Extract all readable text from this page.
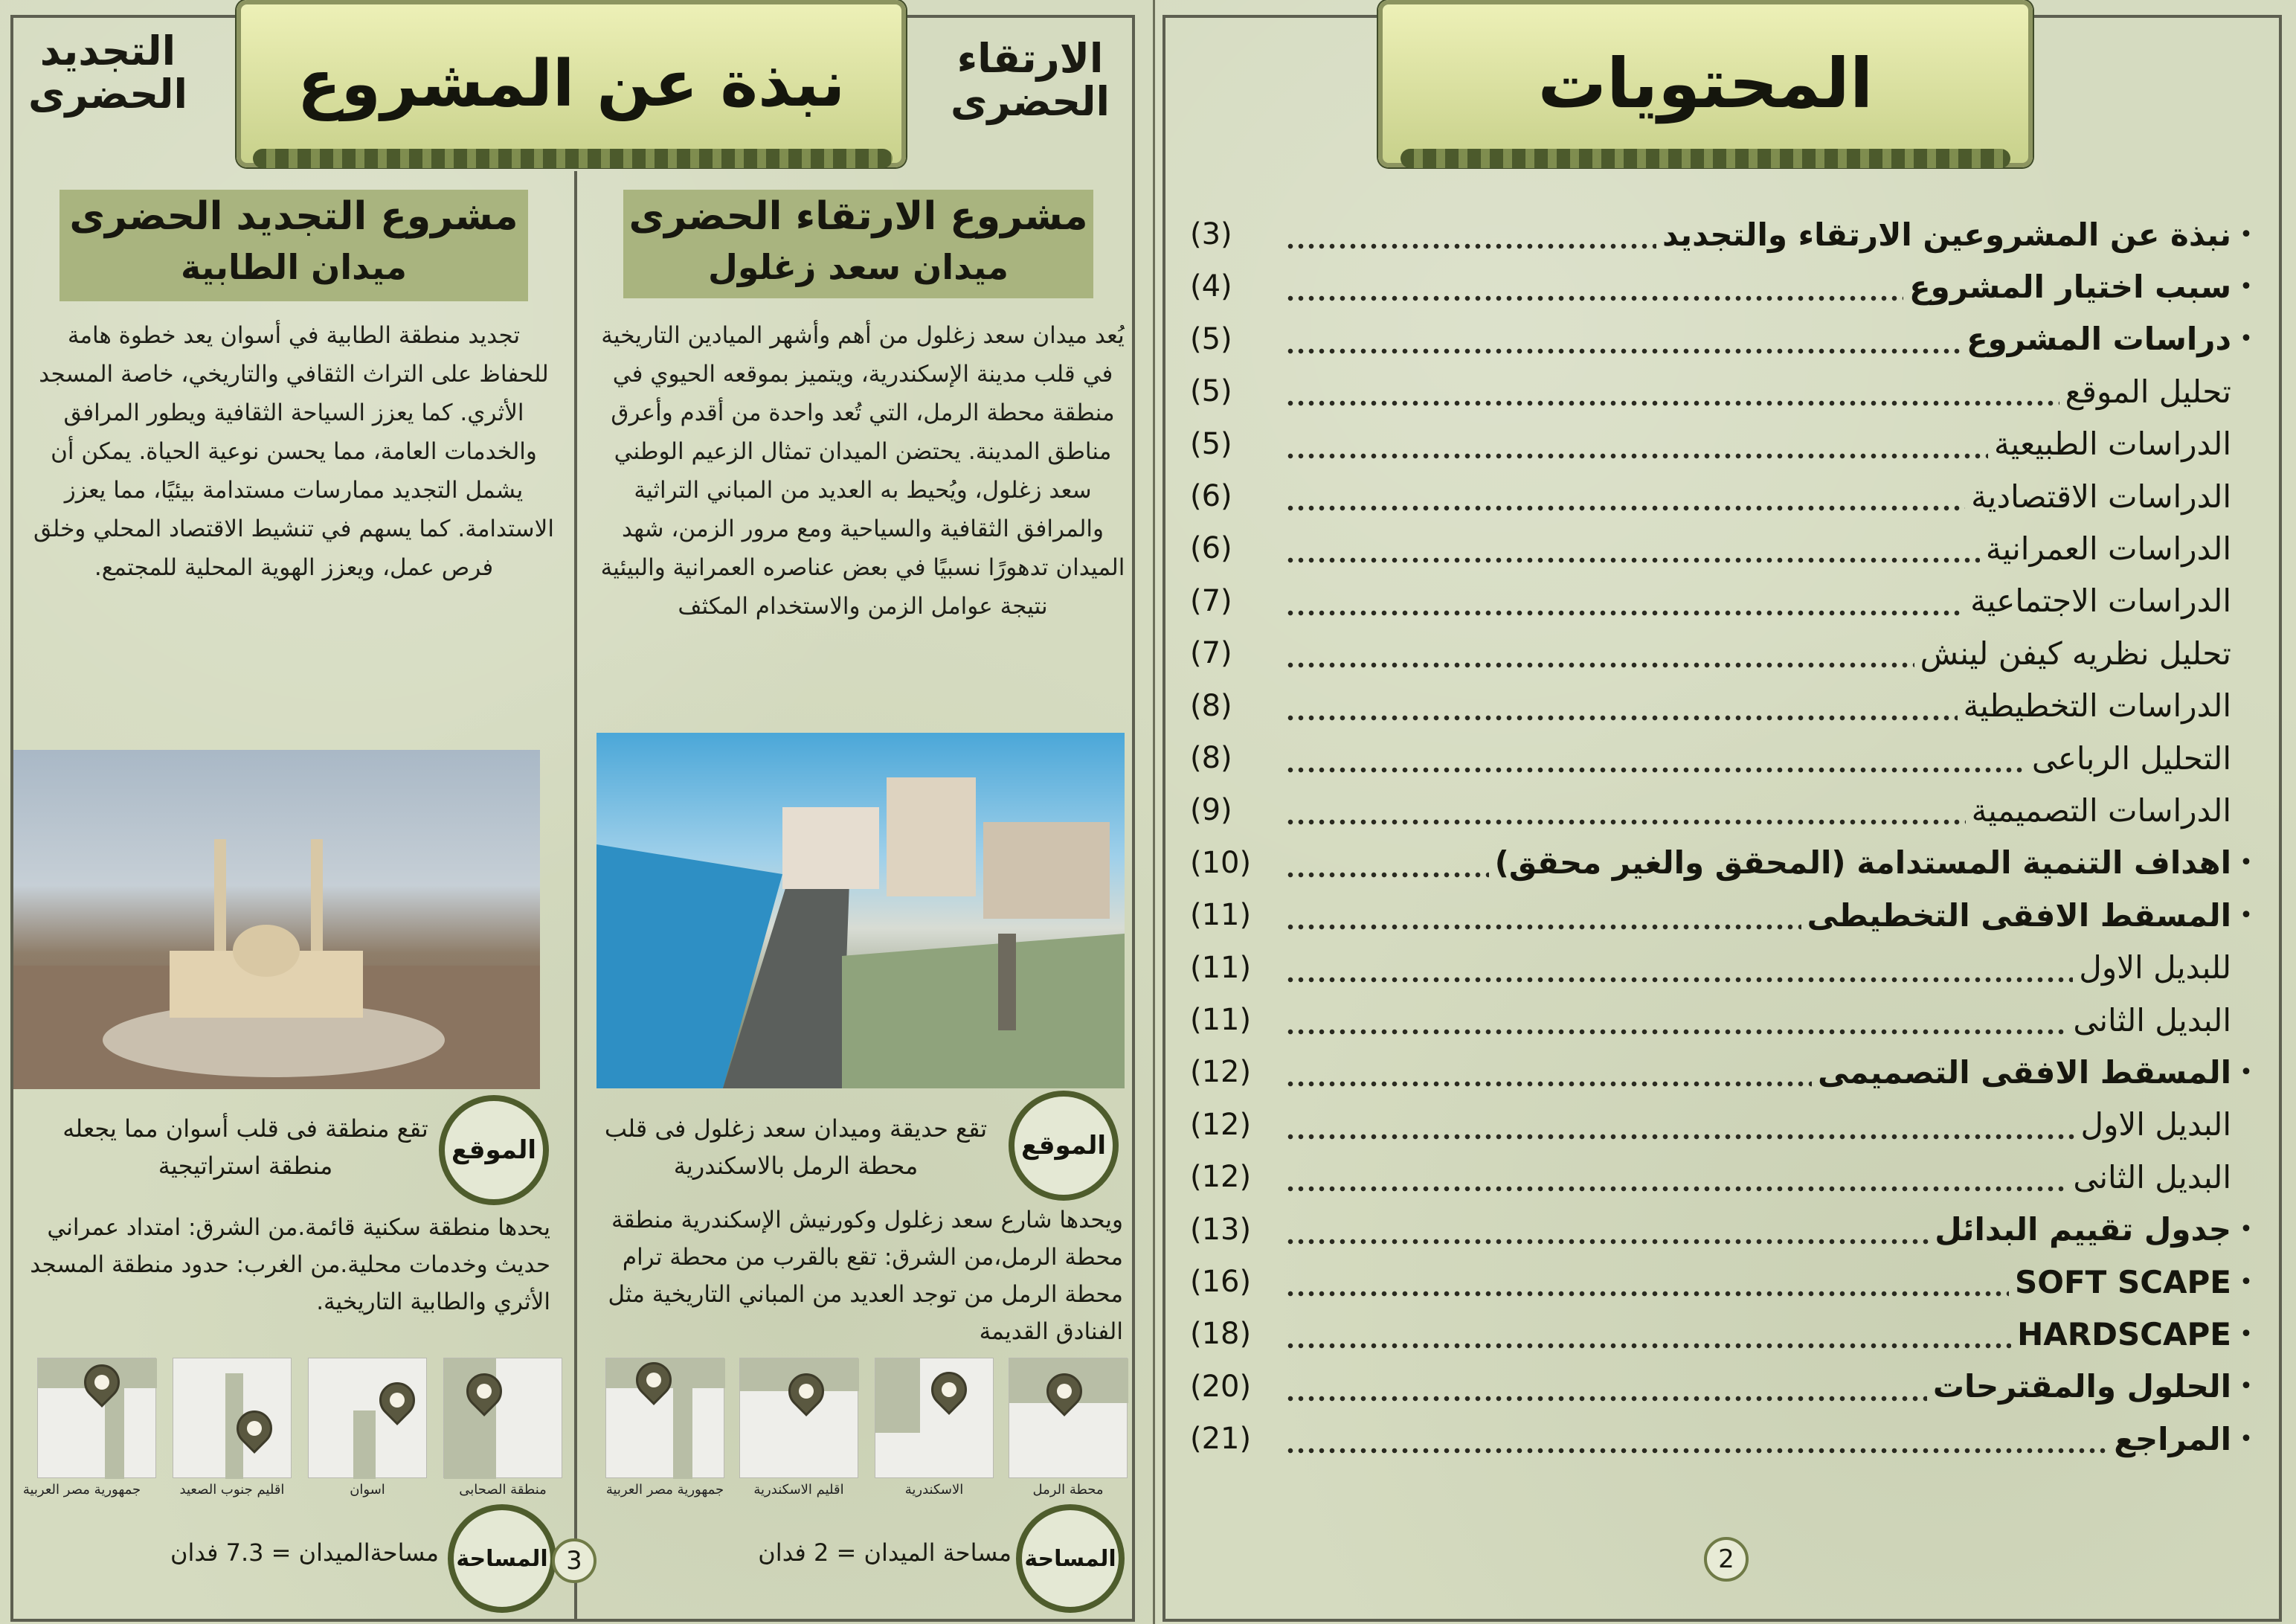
نبذة عن المشروع
التجديد
الحضرى
الارتقاء
الحضرى
مشروع التجديد الحضرى
ميدان الطابية
تجديد منطقة الطابية في أسوان يعد خطوة هامة للحفاظ على التراث الثقافي والتاريخي، خاصة المسجد الأثري. كما يعزز السياحة الثقافية ويطور المرافق والخدمات العامة، مما يحسن نوعية الحياة. يمكن أن يشمل التجديد ممارسات مستدامة بيئيًا، مما يعزز الاستدامة. كما يسهم في تنشيط الاقتصاد المحلي وخلق فرص عمل، ويعزز الهوية المحلية للمجتمع.
الموقع
تقع منطقة فى قلب أسوان مما يجعله منطقة استراتيجية
يحدها منطقة سكنية قائمة.من الشرق: امتداد عمراني حديث وخدمات محلية.من الغرب: حدود منطقة المسجد الأثري والطابية التاريخية.
منطقة الصحابى
اسوان
اقليم جنوب الصعيد
جمهورية مصر العربية
المساحة
مساحةالميدان = 7.3 فدان	3
مشروع الارتقاء الحضرى
ميدان سعد زغلول
يُعد ميدان سعد زغلول من أهم وأشهر الميادين التاريخية في قلب مدينة الإسكندرية، ويتميز بموقعه الحيوي في منطقة محطة الرمل، التي تُعد واحدة من أقدم وأعرق مناطق المدينة. يحتضن الميدان تمثال الزعيم الوطني سعد زغلول، ويُحيط به العديد من المباني التراثية والمرافق الثقافية والسياحية ومع مرور الزمن، شهد الميدان تدهورًا نسبيًا في بعض عناصره العمرانية والبيئية نتيجة عوامل الزمن والاستخدام المكثف
الموقع
تقع حديقة وميدان سعد زغلول فى قلب محطة الرمل بالاسكندرية
ويحدها شارع سعد زغلول وكورنيش الإسكندرية منطقة محطة الرمل،من الشرق: تقع بالقرب من محطة ترام محطة الرمل من توجد العديد من المباني التاريخية مثل الفنادق القديمة
محطة الرمل
الاسكندرية
اقليم الاسكندرية
جمهورية مصر العربية
المساحة
مساحة الميدان = 2 فدان
المحتويات
2
•
نبذة عن المشروعين الارتقاء والتجديد
(3)
•
سبب اختيار المشروع
(4)
•
دراسات المشروع
(5)
تحليل الموقع
(5)
الدراسات الطبيعية
(5)
الدراسات الاقتصادية
(6)
الدراسات العمرانية
(6)
الدراسات الاجتماعية
(7)
تحليل نظريه كيفن لينش
(7)
الدراسات التخطيطية
(8)
التحليل الرباعى
(8)
الدراسات التصميمية
(9)
•
اهداف التنمية المستدامة (المحقق والغير محقق)
(10)
•
المسقط الافقى التخطيطى
(11)
للبديل الاول
(11)
البديل الثانى
(11)
•
المسقط الافقى التصميمى
(12)
البديل الاول
(12)
البديل الثانى
(12)
•
جدول تقييم البدائل
(13)
•
SOFT SCAPE
(16)
•
HARDSCAPE
(18)
•
الحلول والمقترحات
(20)
•
المراجع
(21)
